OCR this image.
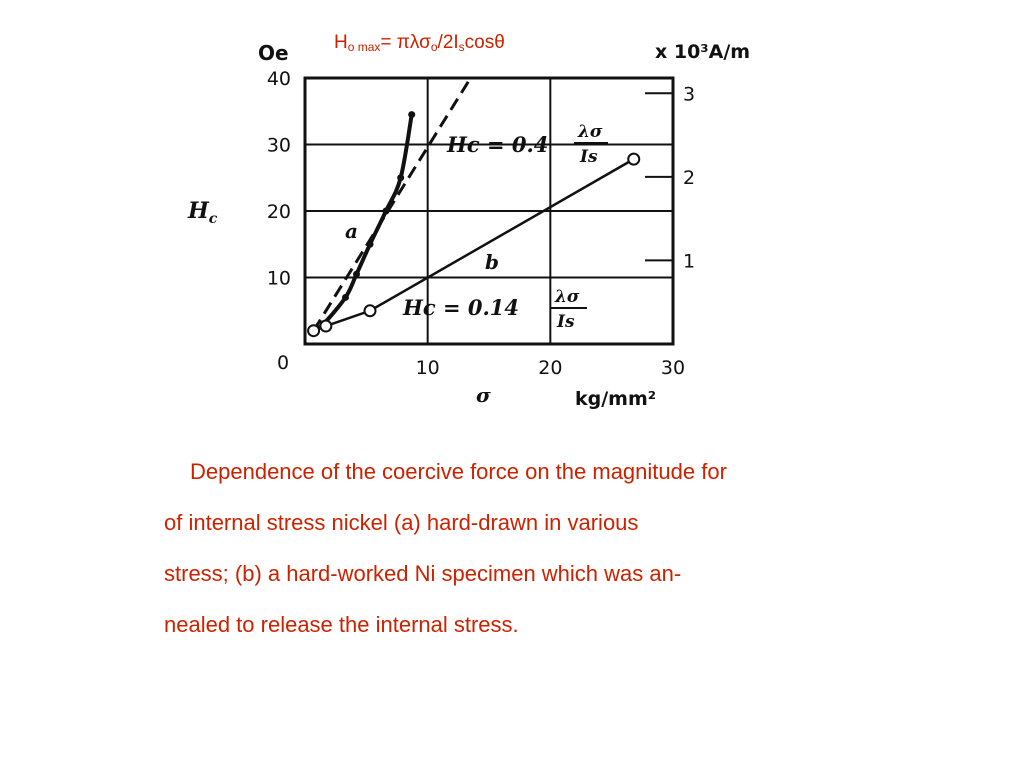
$H_{o max}= \pi\lambda\sigma_o/2I_s\cos\theta$
1
2
3
10	20	30
0
10
20
30
40
Oe
$H_c$
x 10³A/m
σ	kg/mm²
a
b
Hc = 0.4 λσ
Is
Hc = 0.14 λσ
Is
Dependence of the coercive force on the magnitude for
of internal stress nickel (a) hard-drawn in various
stress; (b) a hard-worked Ni specimen which was an-
nealed to release the internal stress.
